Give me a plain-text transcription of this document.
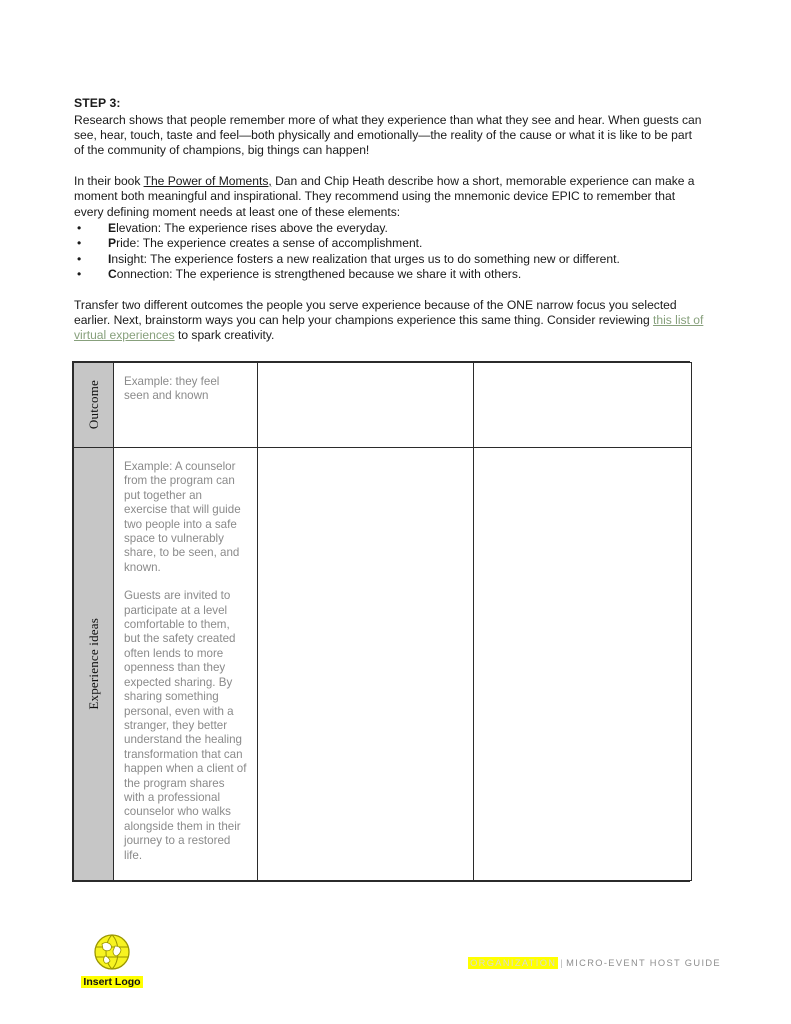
STEP 3:

Research shows that people remember more of what they experience than what they see and hear. When guests can see, hear, touch, taste and feel—both physically and emotionally—the reality of the cause or what it is like to be part of the community of champions, big things can happen!

In their book The Power of Moments, Dan and Chip Heath describe how a short, memorable experience can make a moment both meaningful and inspirational. They recommend using the mnemonic device EPIC to remember that every defining moment needs at least one of these elements:

• Elevation: The experience rises above the everyday.
• Pride: The experience creates a sense of accomplishment.
• Insight: The experience fosters a new realization that urges us to do something new or different.
• Connection: The experience is strengthened because we share it with others.

Transfer two different outcomes the people you serve experience because of the ONE narrow focus you selected earlier. Next, brainstorm ways you can help your champions experience this same thing. Consider reviewing this list of virtual experiences to spark creativity.

Outcome	Example: they feel seen and known		

Experience ideas	Example: A counselor from the program can put together an exercise that will guide two people into a safe space to vulnerably share, to be seen, and known.

Guests are invited to participate at a level comfortable to them, but the safety created often lends to more openness than they expected sharing. By sharing something personal, even with a stranger, they better understand the healing transformation that can happen when a client of the program shares with a professional counselor who walks alongside them in their journey to a restored life.		

Insert Logo
ORGANIZATION | MICRO-EVENT HOST GUIDE
